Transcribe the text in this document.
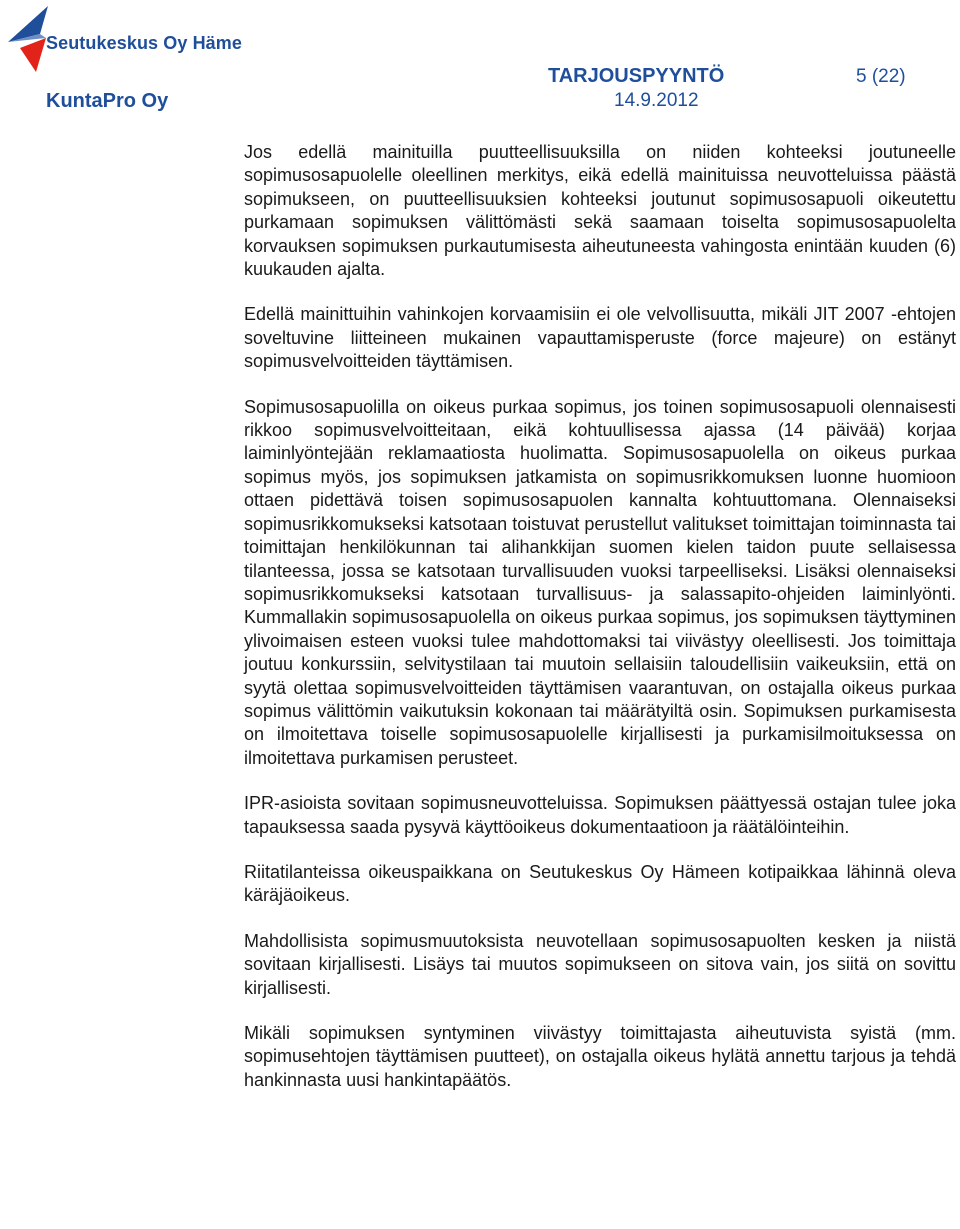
Seutukeskus Oy Häme
KuntaPro Oy
TARJOUSPYYNTÖ
14.9.2012
5 (22)

Jos edellä mainituilla puutteellisuuksilla on niiden kohteeksi joutuneelle sopimusosapuolelle oleellinen merkitys, eikä edellä mainituissa neuvotteluissa päästä sopimukseen, on puutteellisuuksien kohteeksi joutunut sopimusosapuoli oikeutettu purkamaan sopimuksen välittömästi sekä saamaan toiselta sopimusosapuolelta korvauksen sopimuksen purkautumisesta aiheutuneesta vahingosta enintään kuuden (6) kuukauden ajalta.

Edellä mainittuihin vahinkojen korvaamisiin ei ole velvollisuutta, mikäli JIT 2007 -ehtojen soveltuvine liitteineen mukainen vapauttamisperuste (force majeure) on estänyt sopimusvelvoitteiden täyttämisen.

Sopimusosapuolilla on oikeus purkaa sopimus, jos toinen sopimusosapuoli olennaisesti rikkoo sopimusvelvoitteitaan, eikä kohtuullisessa ajassa (14 päivää) korjaa laiminlyöntejään reklamaatiosta huolimatta. Sopimusosapuolella on oikeus purkaa sopimus myös, jos sopimuksen jatkamista on sopimusrikkomuksen luonne huomioon ottaen pidettävä toisen sopimusosapuolen kannalta kohtuuttomana. Olennaiseksi sopimusrikkomukseksi katsotaan toistuvat perustellut valitukset toimittajan toiminnasta tai toimittajan henkilökunnan tai alihankkijan suomen kielen taidon puute sellaisessa tilanteessa, jossa se katsotaan turvallisuuden vuoksi tarpeelliseksi. Lisäksi olennaiseksi sopimusrikkomukseksi katsotaan turvallisuus- ja salassapito-ohjeiden laiminlyönti. Kummallakin sopimusosapuolella on oikeus purkaa sopimus, jos sopimuksen täyttyminen ylivoimaisen esteen vuoksi tulee mahdottomaksi tai viivästyy oleellisesti. Jos toimittaja joutuu konkurssiin, selvitystilaan tai muutoin sellaisiin taloudellisiin vaikeuksiin, että on syytä olettaa sopimusvelvoitteiden täyttämisen vaarantuvan, on ostajalla oikeus purkaa sopimus välittömin vaikutuksin kokonaan tai määrätyiltä osin. Sopimuksen purkamisesta on ilmoitettava toiselle sopimusosapuolelle kirjallisesti ja purkamisilmoituksessa on ilmoitettava purkamisen perusteet.

IPR-asioista sovitaan sopimusneuvotteluissa. Sopimuksen päättyessä ostajan tulee joka tapauksessa saada pysyvä käyttöoikeus dokumentaatioon ja räätälöinteihin.

Riitatilanteissa oikeuspaikkana on Seutukeskus Oy Hämeen kotipaikkaa lähinnä oleva käräjäoikeus.

Mahdollisista sopimusmuutoksista neuvotellaan sopimusosapuolten kesken ja niistä sovitaan kirjallisesti. Lisäys tai muutos sopimukseen on sitova vain, jos siitä on sovittu kirjallisesti.

Mikäli sopimuksen syntyminen viivästyy toimittajasta aiheutuvista syistä (mm. sopimusehtojen täyttämisen puutteet), on ostajalla oikeus hylätä annettu tarjous ja tehdä hankinnasta uusi hankintapäätös.
